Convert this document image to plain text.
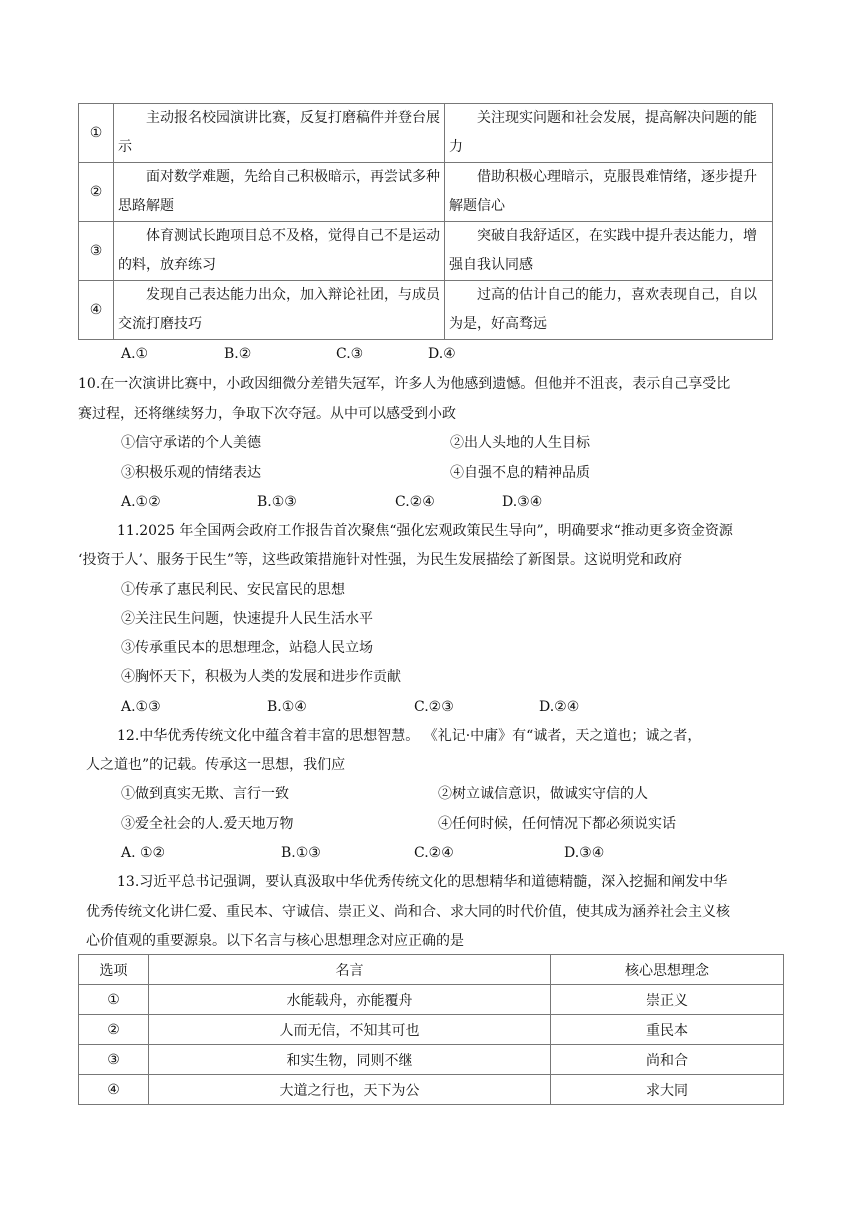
①	主动报名校园演讲比赛，反复打磨稿件并登台展示	关注现实问题和社会发展，提高解决问题的能力
②	面对数学难题，先给自己积极暗示，再尝试多种思路解题	借助积极心理暗示，克服畏难情绪，逐步提升解题信心
③	体育测试长跑项目总不及格，觉得自己不是运动的料，放弃练习	突破自我舒适区，在实践中提升表达能力，增强自我认同感
④	发现自己表达能力出众，加入辩论社团，与成员交流打磨技巧	过高的估计自己的能力，喜欢表现自己，自以为是，好高骛远
A.①	B.②	C.③	D.④
10.在一次演讲比赛中，小政因细微分差错失冠军，许多人为他感到遗憾。但他并不沮丧，表示自己享受比
赛过程，还将继续努力，争取下次夺冠。从中可以感受到小政
①信守承诺的个人美德	②出人头地的人生目标
③积极乐观的情绪表达	④自强不息的精神品质
A.①②	B.①③	C.②④	D.③④
11.2025 年全国两会政府工作报告首次聚焦“强化宏观政策民生导向”，明确要求“推动更多资金资源
‘投资于人’、服务于民生”等，这些政策措施针对性强，为民生发展描绘了新图景。这说明党和政府
①传承了惠民利民、安民富民的思想
②关注民生问题，快速提升人民生活水平
③传承重民本的思想理念，站稳人民立场
④胸怀天下，积极为人类的发展和进步作贡献
A.①③	B.①④	C.②③	D.②④
12.中华优秀传统文化中蕴含着丰富的思想智慧。 《礼记·中庸》有“诚者，天之道也；诚之者，
人之道也”的记载。传承这一思想，我们应
①做到真实无欺、言行一致	②树立诚信意识，做诚实守信的人
③爱全社会的人.爱天地万物	④任何时候，任何情况下都必须说实话
A. ①②	B.①③	C.②④	D.③④
13.习近平总书记强调，要认真汲取中华优秀传统文化的思想精华和道德精髓，深入挖掘和阐发中华
优秀传统文化讲仁爱、重民本、守诚信、崇正义、尚和合、求大同的时代价值，使其成为涵养社会主义核
心价值观的重要源泉。以下名言与核心思想理念对应正确的是
选项	名言	核心思想理念
①	水能载舟，亦能覆舟	崇正义
②	人而无信，不知其可也	重民本
③	和实生物，同则不继	尚和合
④	大道之行也，天下为公	求大同
